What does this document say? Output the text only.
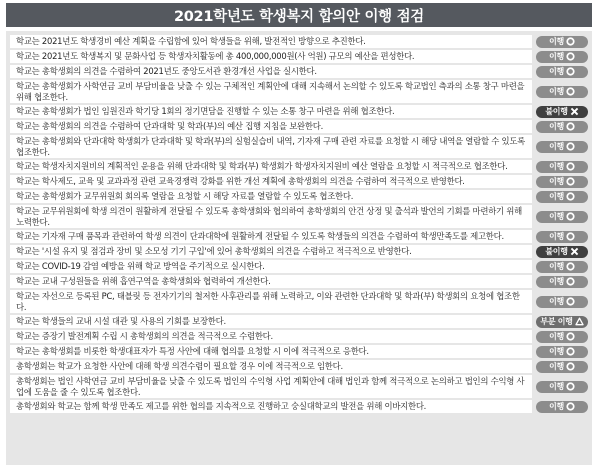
2021학년도 학생복지 합의안 이행 점검
학교는 2021년도 학생경비 예산 계획을 수립함에 있어 학생들을 위해, 발전적인 방향으로 추진한다.	이행
학교는 2021년도 학생복지 및 문화사업 등 학생자치활동에 총 400,000,000원(사 억원) 규모의 예산을 편성한다.	이행
학교는 총학생회의 의견을 수렴하여 2021년도 중앙도서관 환경개선 사업을 실시한다.	이행
학교는 총학생회가 사학연금 교비 부담비율을 낮출 수 있는 구체적인 계획안에 대해 지속해서 논의할 수 있도록 학교법인 측과의 소통 창구 마련을 위해 협조한다.	이행
학교는 총학생회가 법인 임원진과 학기당 1회의 정기면담을 진행할 수 있는 소통 창구 마련을 위해 협조한다.	불이행
학교는 총학생회의 의견을 수렴하여 단과대학 및 학과(부)의 예산 집행 지침을 보완한다.	이행
학교는 총학생회와 단과대학 학생회가 단과대학 및 학과(부)의 실험실습비 내역, 기자재 구매 관련 자료를 요청할 시 해당 내역을 열람할 수 있도록 협조한다.	이행
학교는 학생자치지원비의 계획적인 운용을 위해 단과대학 및 학과(부) 학생회가 학생자치지원비 예산 열람을 요청할 시 적극적으로 협조한다.	이행
학교는 학사제도, 교육 및 교과과정 관련 교육경쟁력 강화를 위한 개선 계획에 총학생회의 의견을 수렴하여 적극적으로 반영한다.	이행
학교는 총학생회가 교무위원회 회의록 열람을 요청할 시 해당 자료를 열람할 수 있도록 협조한다.	이행
학교는 교무위원회에 학생 의견이 원활하게 전달될 수 있도록 총학생회와 협의하여 총학생회의 안건 상정 및 출석과 발언의 기회를 마련하기 위해 노력한다.	이행
학교는 기자재 구매 품목과 관련하여 학생 의견이 단과대학에 원활하게 전달될 수 있도록 학생들의 의견을 수렴하여 학생만족도를 제고한다.	이행
학교는 '시설 유지 및 점검과 장비 및 소모성 기기 구입'에 있어 총학생회의 의견을 수렴하고 적극적으로 반영한다.	불이행
학교는 COVID-19 감염 예방을 위해 학교 방역을 주기적으로 실시한다.	이행
학교는 교내 구성원들을 위해 흡연구역을 총학생회와 협력하여 개선한다.	이행
학교는 자선으로 등록된 PC, 태블릿 등 전자기기의 철저한 사후관리를 위해 노력하고, 이와 관련한 단과대학 및 학과(부) 학생회의 요청에 협조한다.	이행
학교는 학생들의 교내 시설 대관 및 사용의 기회를 보장한다.	부분 이행
학교는 증장기 발전계획 수립 시 총학생회의 의견을 적극적으로 수렴한다.	이행
학교는 총학생회를 비롯한 학생대표자가 특정 사안에 대해 협의를 요청할 시 이에 적극적으로 응한다.	이행
총학생회는 학교가 요청한 사안에 대해 학생 의견수렴이 필요할 경우 이에 적극적으로 임한다.	이행
총학생회는 법인 사학연금 교비 부담비율을 낮출 수 있도록 법인의 수익형 사업 계획안에 대해 법인과 함께 적극적으로 논의하고 법인의 수익형 사업에 도움을 줄 수 있도록 협조한다.	이행
총학생회와 학교는 함께 학생 만족도 제고를 위한 협의를 지속적으로 진행하고 숭실대학교의 발전을 위해 이바지한다.	이행
